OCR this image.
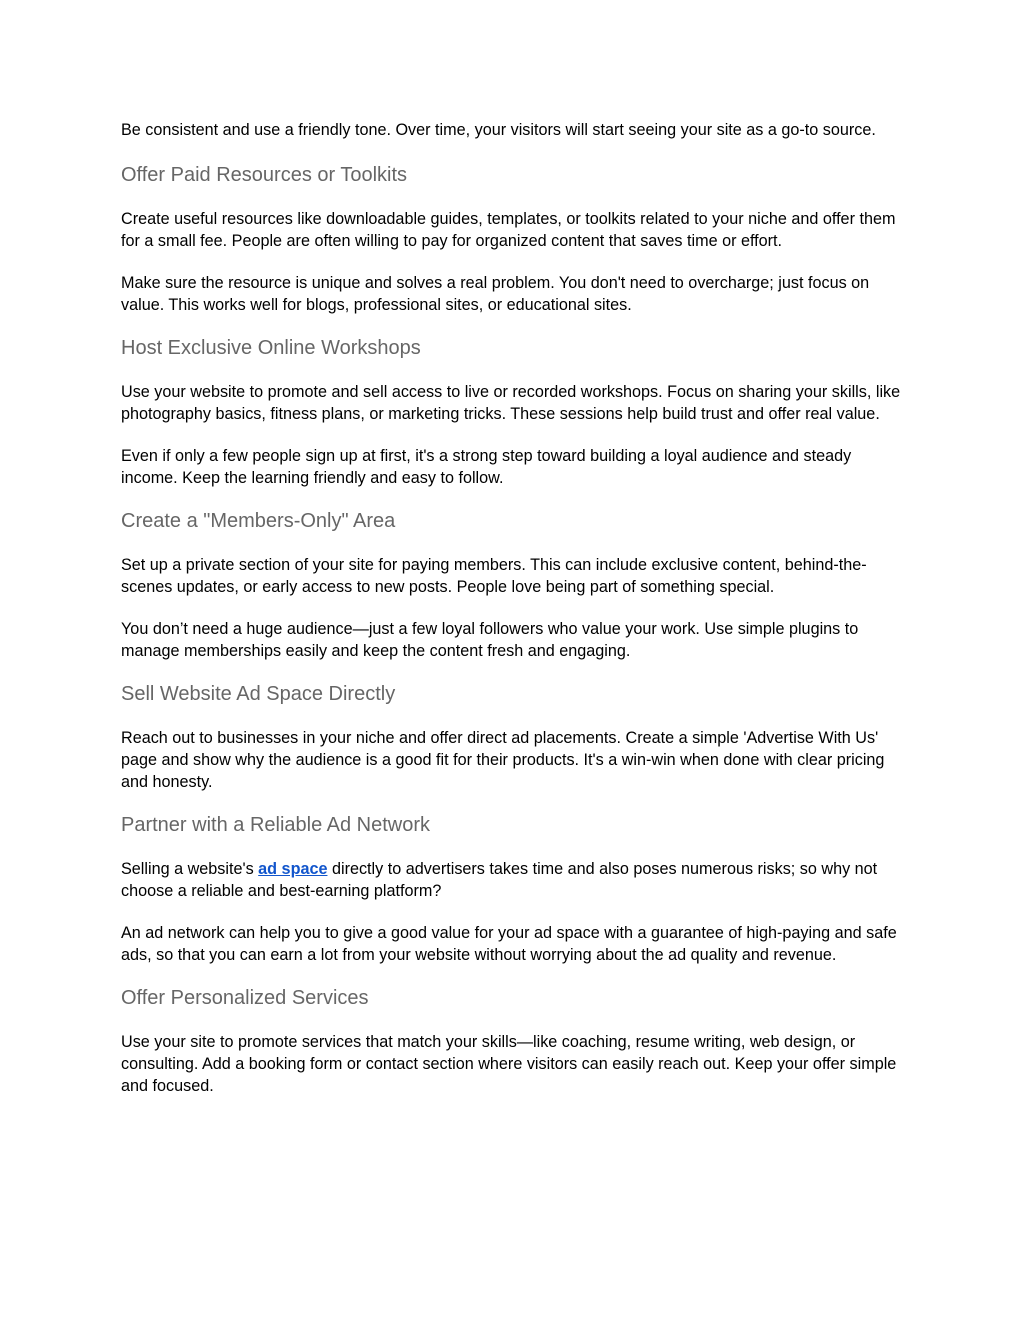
Be consistent and use a friendly tone. Over time, your visitors will start seeing your site as a go-to source.

Offer Paid Resources or Toolkits

Create useful resources like downloadable guides, templates, or toolkits related to your niche and offer them for a small fee. People are often willing to pay for organized content that saves time or effort.

Make sure the resource is unique and solves a real problem. You don't need to overcharge; just focus on value. This works well for blogs, professional sites, or educational sites.

Host Exclusive Online Workshops

Use your website to promote and sell access to live or recorded workshops. Focus on sharing your skills, like photography basics, fitness plans, or marketing tricks. These sessions help build trust and offer real value.

Even if only a few people sign up at first, it's a strong step toward building a loyal audience and steady income. Keep the learning friendly and easy to follow.

Create a "Members-Only" Area

Set up a private section of your site for paying members. This can include exclusive content, behind-the-scenes updates, or early access to new posts. People love being part of something special.

You don’t need a huge audience—just a few loyal followers who value your work. Use simple plugins to manage memberships easily and keep the content fresh and engaging.

Sell Website Ad Space Directly

Reach out to businesses in your niche and offer direct ad placements. Create a simple 'Advertise With Us' page and show why the audience is a good fit for their products. It's a win-win when done with clear pricing and honesty.

Partner with a Reliable Ad Network

Selling a website's ad space directly to advertisers takes time and also poses numerous risks; so why not choose a reliable and best-earning platform?

An ad network can help you to give a good value for your ad space with a guarantee of high-paying and safe ads, so that you can earn a lot from your website without worrying about the ad quality and revenue.

Offer Personalized Services

Use your site to promote services that match your skills—like coaching, resume writing, web design, or consulting. Add a booking form or contact section where visitors can easily reach out. Keep your offer simple and focused.
